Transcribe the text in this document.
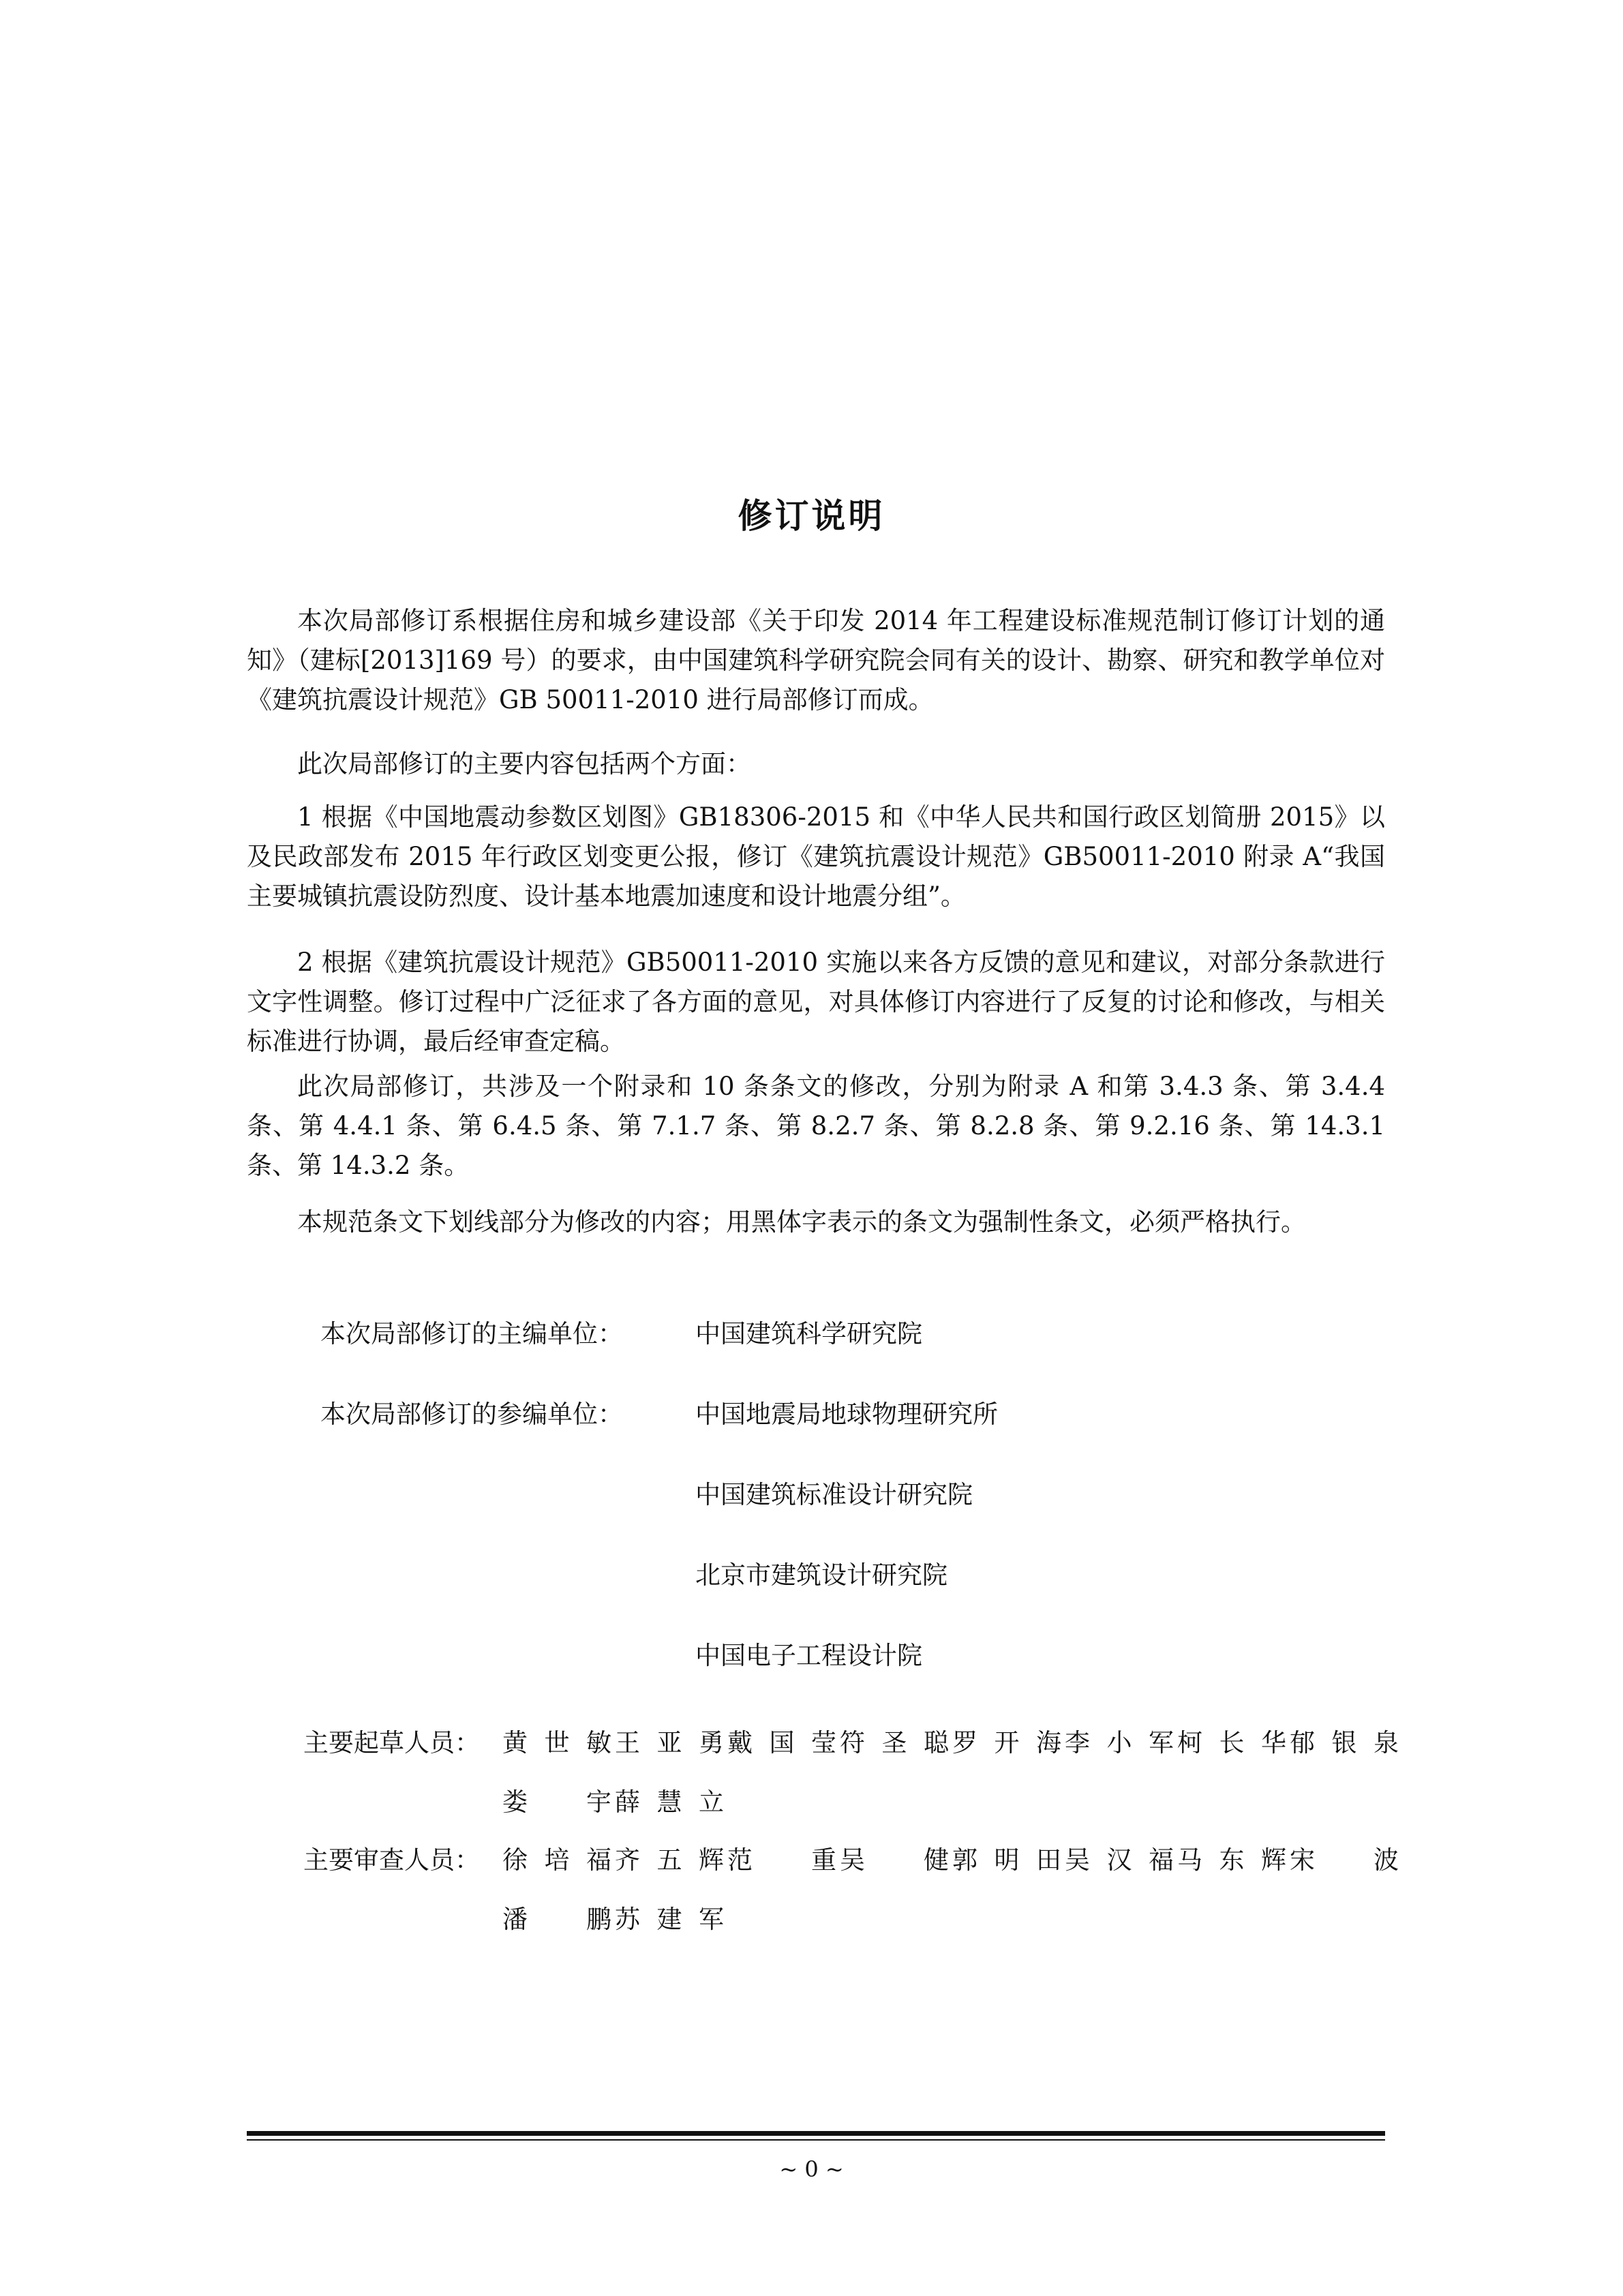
修订说明
本次局部修订系根据住房和城乡建设部《关于印发 2014 年工程建设标准规范制订修订计划的通知》（建标[2013]169 号）的要求，由中国建筑科学研究院会同有关的设计、勘察、研究和教学单位对《建筑抗震设计规范》GB 50011-2010 进行局部修订而成。
此次局部修订的主要内容包括两个方面：
1 根据《中国地震动参数区划图》GB18306-2015 和《中华人民共和国行政区划简册 2015》以及民政部发布 2015 年行政区划变更公报，修订《建筑抗震设计规范》GB50011-2010 附录 A“我国主要城镇抗震设防烈度、设计基本地震加速度和设计地震分组”。
2 根据《建筑抗震设计规范》GB50011-2010 实施以来各方反馈的意见和建议，对部分条款进行文字性调整。修订过程中广泛征求了各方面的意见，对具体修订内容进行了反复的讨论和修改，与相关标准进行协调，最后经审查定稿。
此次局部修订，共涉及一个附录和 10 条条文的修改，分别为附录 A 和第 3.4.3 条、第 3.4.4 条、第 4.4.1 条、第 6.4.5 条、第 7.1.7 条、第 8.2.7 条、第 8.2.8 条、第 9.2.16 条、第 14.3.1 条、第 14.3.2 条。
本规范条文下划线部分为修改的内容；用黑体字表示的条文为强制性条文，必须严格执行。
本次局部修订的主编单位：	中国建筑科学研究院
本次局部修订的参编单位：	中国地震局地球物理研究所
中国建筑标准设计研究院
北京市建筑设计研究院
中国电子工程设计院
主要起草人员： 黄世敏 王亚勇 戴国莹 符圣聪 罗开海 李小军 柯长华 郁银泉
娄宇 薛慧立
主要审查人员： 徐培福 齐五辉 范重 吴健 郭明田 吴汉福 马东辉 宋波
潘鹏 苏建军
~ 0 ~
